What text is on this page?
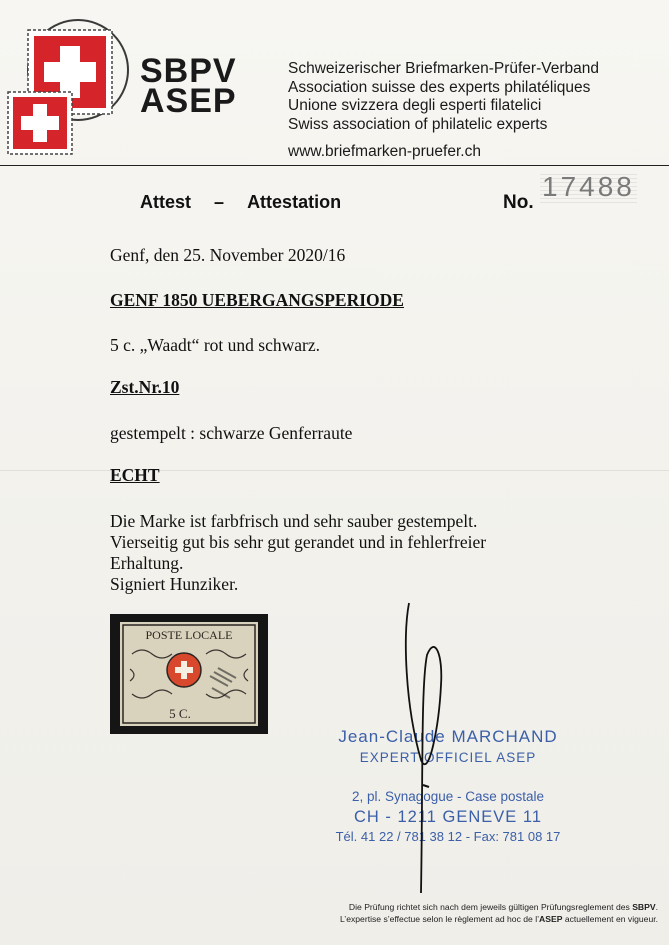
SBPV
ASEP
Schweizerischer Briefmarken-Prüfer-Verband
Association suisse des experts philatéliques
Unione svizzera degli esperti filatelici
Swiss association of philatelic experts
www.briefmarken-pruefer.ch
Attest – Attestation	No.
17488
Genf, den 25. November 2020/16
GENF 1850 UEBERGANGSPERIODE
5 c. „Waadt“ rot und schwarz.
Zst.Nr.10
gestempelt : schwarze Genferraute
ECHT
Die Marke ist farbfrisch und sehr sauber gestempelt.
Vierseitig gut bis sehr gut gerandet und in fehlerfreier
Erhaltung.
Signiert Hunziker.
POSTE LOCALE
5 C.
Jean-Claude MARCHAND
EXPERT OFFICIEL ASEP
2, pl. Synagogue - Case postale
CH - 1211 GENEVE 11
Tél. 41 22 / 781 38 12 - Fax: 781 08 17
Die Prüfung richtet sich nach dem jeweils gültigen Prüfungsreglement des SBPV.
L’expertise s’effectue selon le règlement ad hoc de l’ASEP actuellement en vigueur.
